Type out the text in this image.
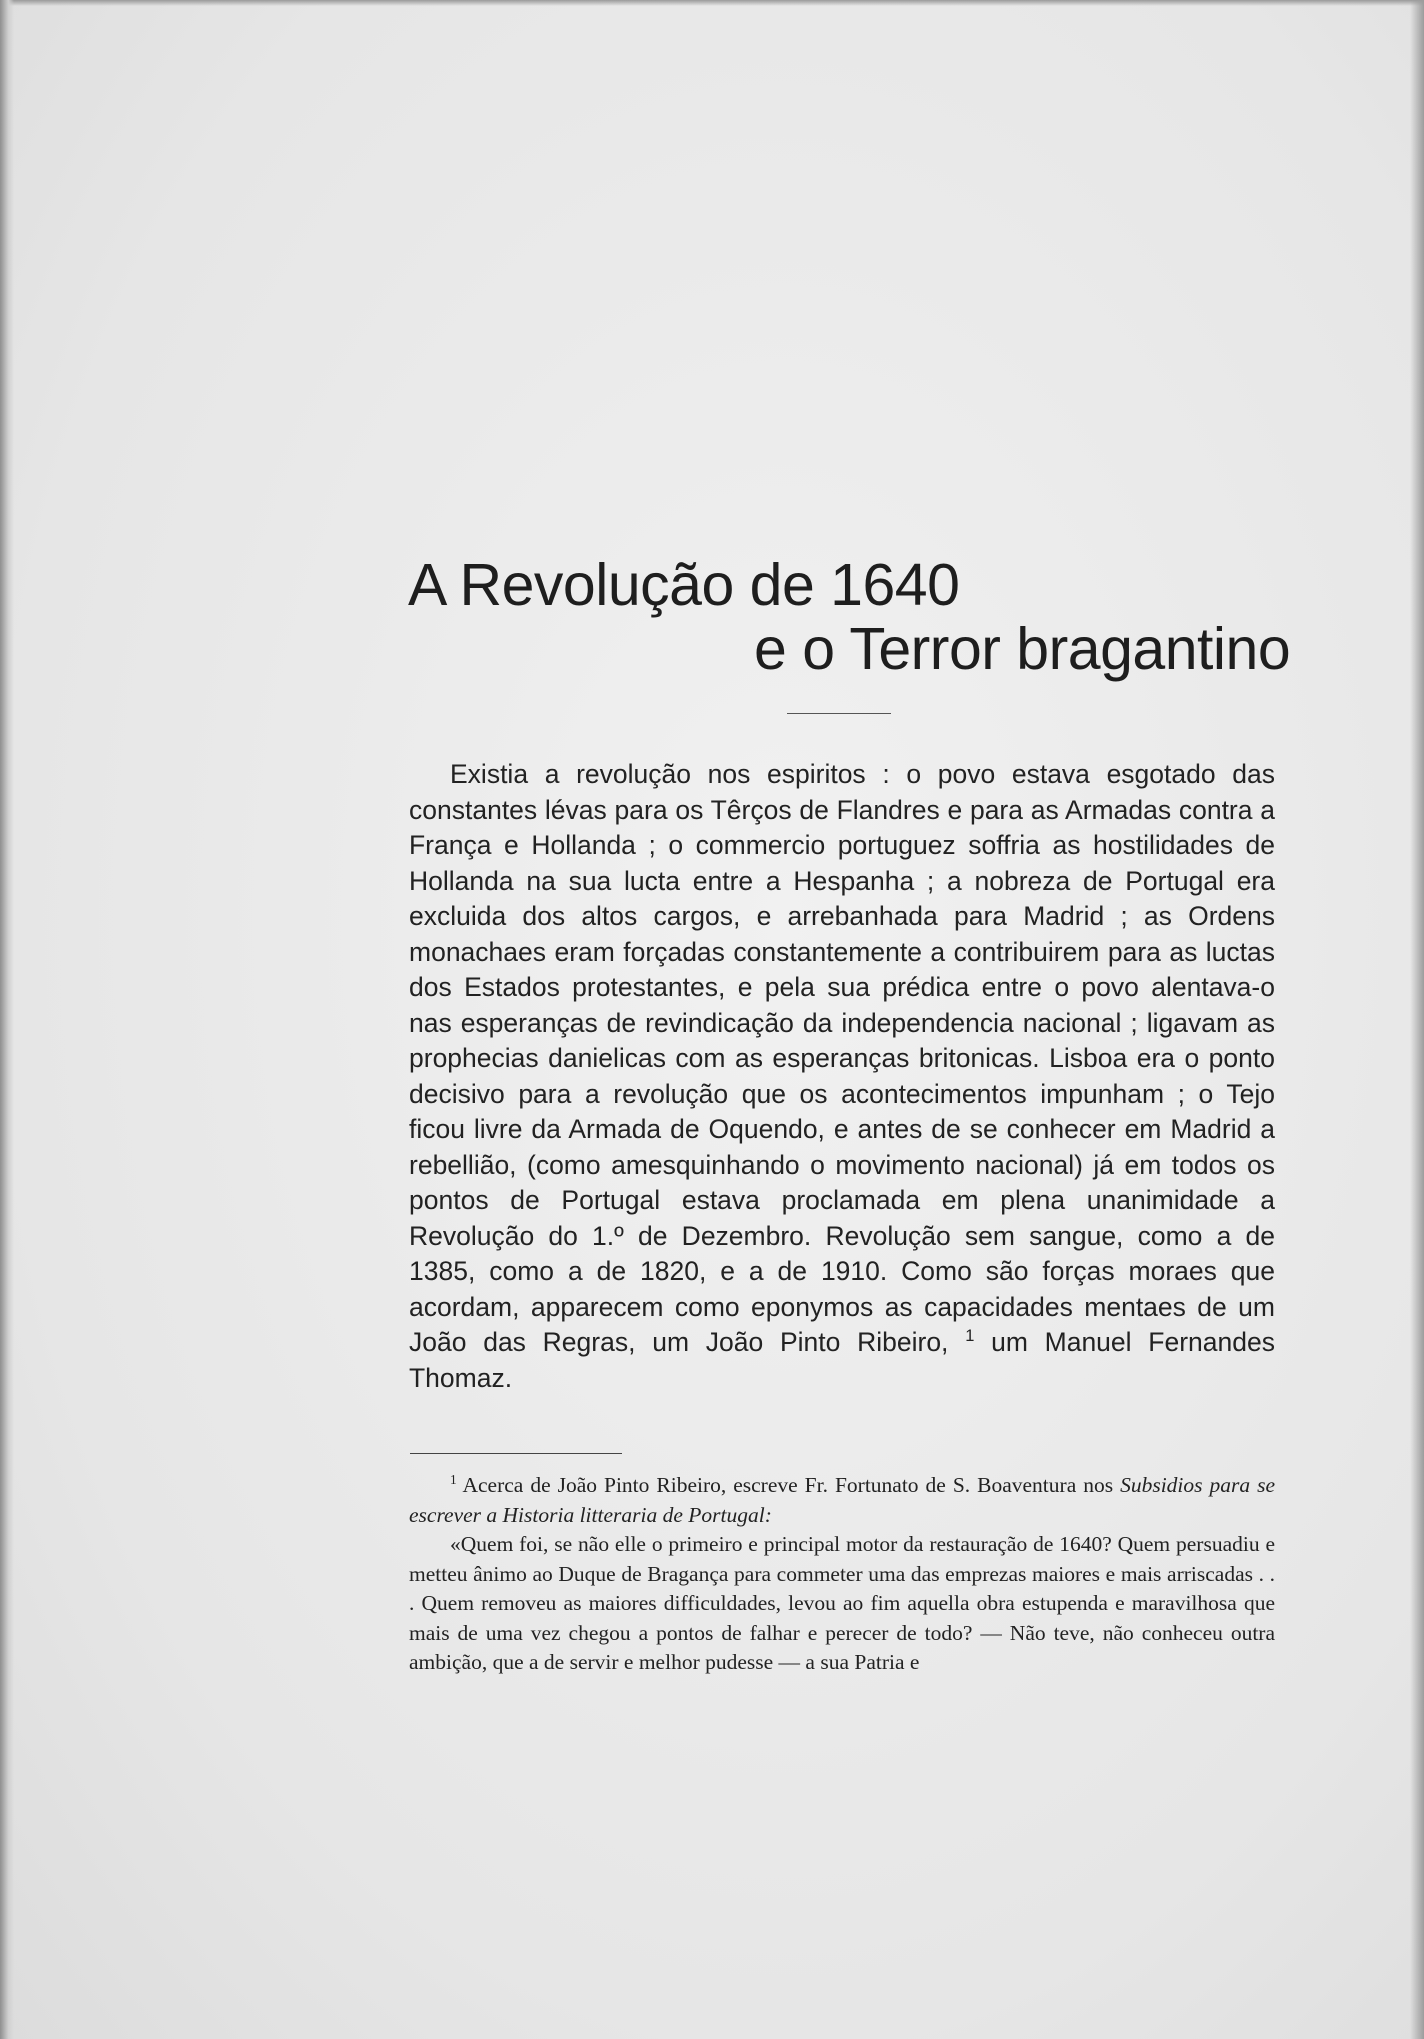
A Revolução de 1640
e o Terror bragantino

Existia a revolução nos espiritos : o povo estava esgotado das constantes lévas para os Têrços de Flandres e para as Armadas contra a França e Hollanda ; o commercio portuguez soffria as hostilidades de Hollanda na sua lucta entre a Hespanha ; a nobreza de Portugal era excluida dos altos cargos, e arrebanhada para Madrid ; as Ordens monachaes eram forçadas constantemente a contribuirem para as luctas dos Estados protestantes, e pela sua prédica entre o povo alentava-o nas esperanças de revindicação da independencia nacional ; ligavam as prophecias danielicas com as esperanças britonicas. Lisboa era o ponto decisivo para a revolução que os acontecimentos impunham ; o Tejo ficou livre da Armada de Oquendo, e antes de se conhecer em Madrid a rebellião, (como amesquinhando o movimento nacional) já em todos os pontos de Portugal estava proclamada em plena unanimidade a Revolução do 1.º de Dezembro. Revolução sem sangue, como a de 1385, como a de 1820, e a de 1910. Como são forças moraes que acordam, apparecem como eponymos as capacidades mentaes de um João das Regras, um João Pinto Ribeiro, $^1$ um Manuel Fernandes Thomaz.

$^1$ Acerca de João Pinto Ribeiro, escreve Fr. Fortunato de S. Boaventura nos Subsidios para se escrever a Historia litteraria de Portugal:

«Quem foi, se não elle o primeiro e principal motor da restauração de 1640? Quem persuadiu e metteu ânimo ao Duque de Bragança para commeter uma das emprezas maiores e mais arriscadas . . . Quem removeu as maiores difficuldades, levou ao fim aquella obra estupenda e maravilhosa que mais de uma vez chegou a pontos de falhar e perecer de todo? — Não teve, não conheceu outra ambição, que a de servir e melhor pudesse — a sua Patria e
